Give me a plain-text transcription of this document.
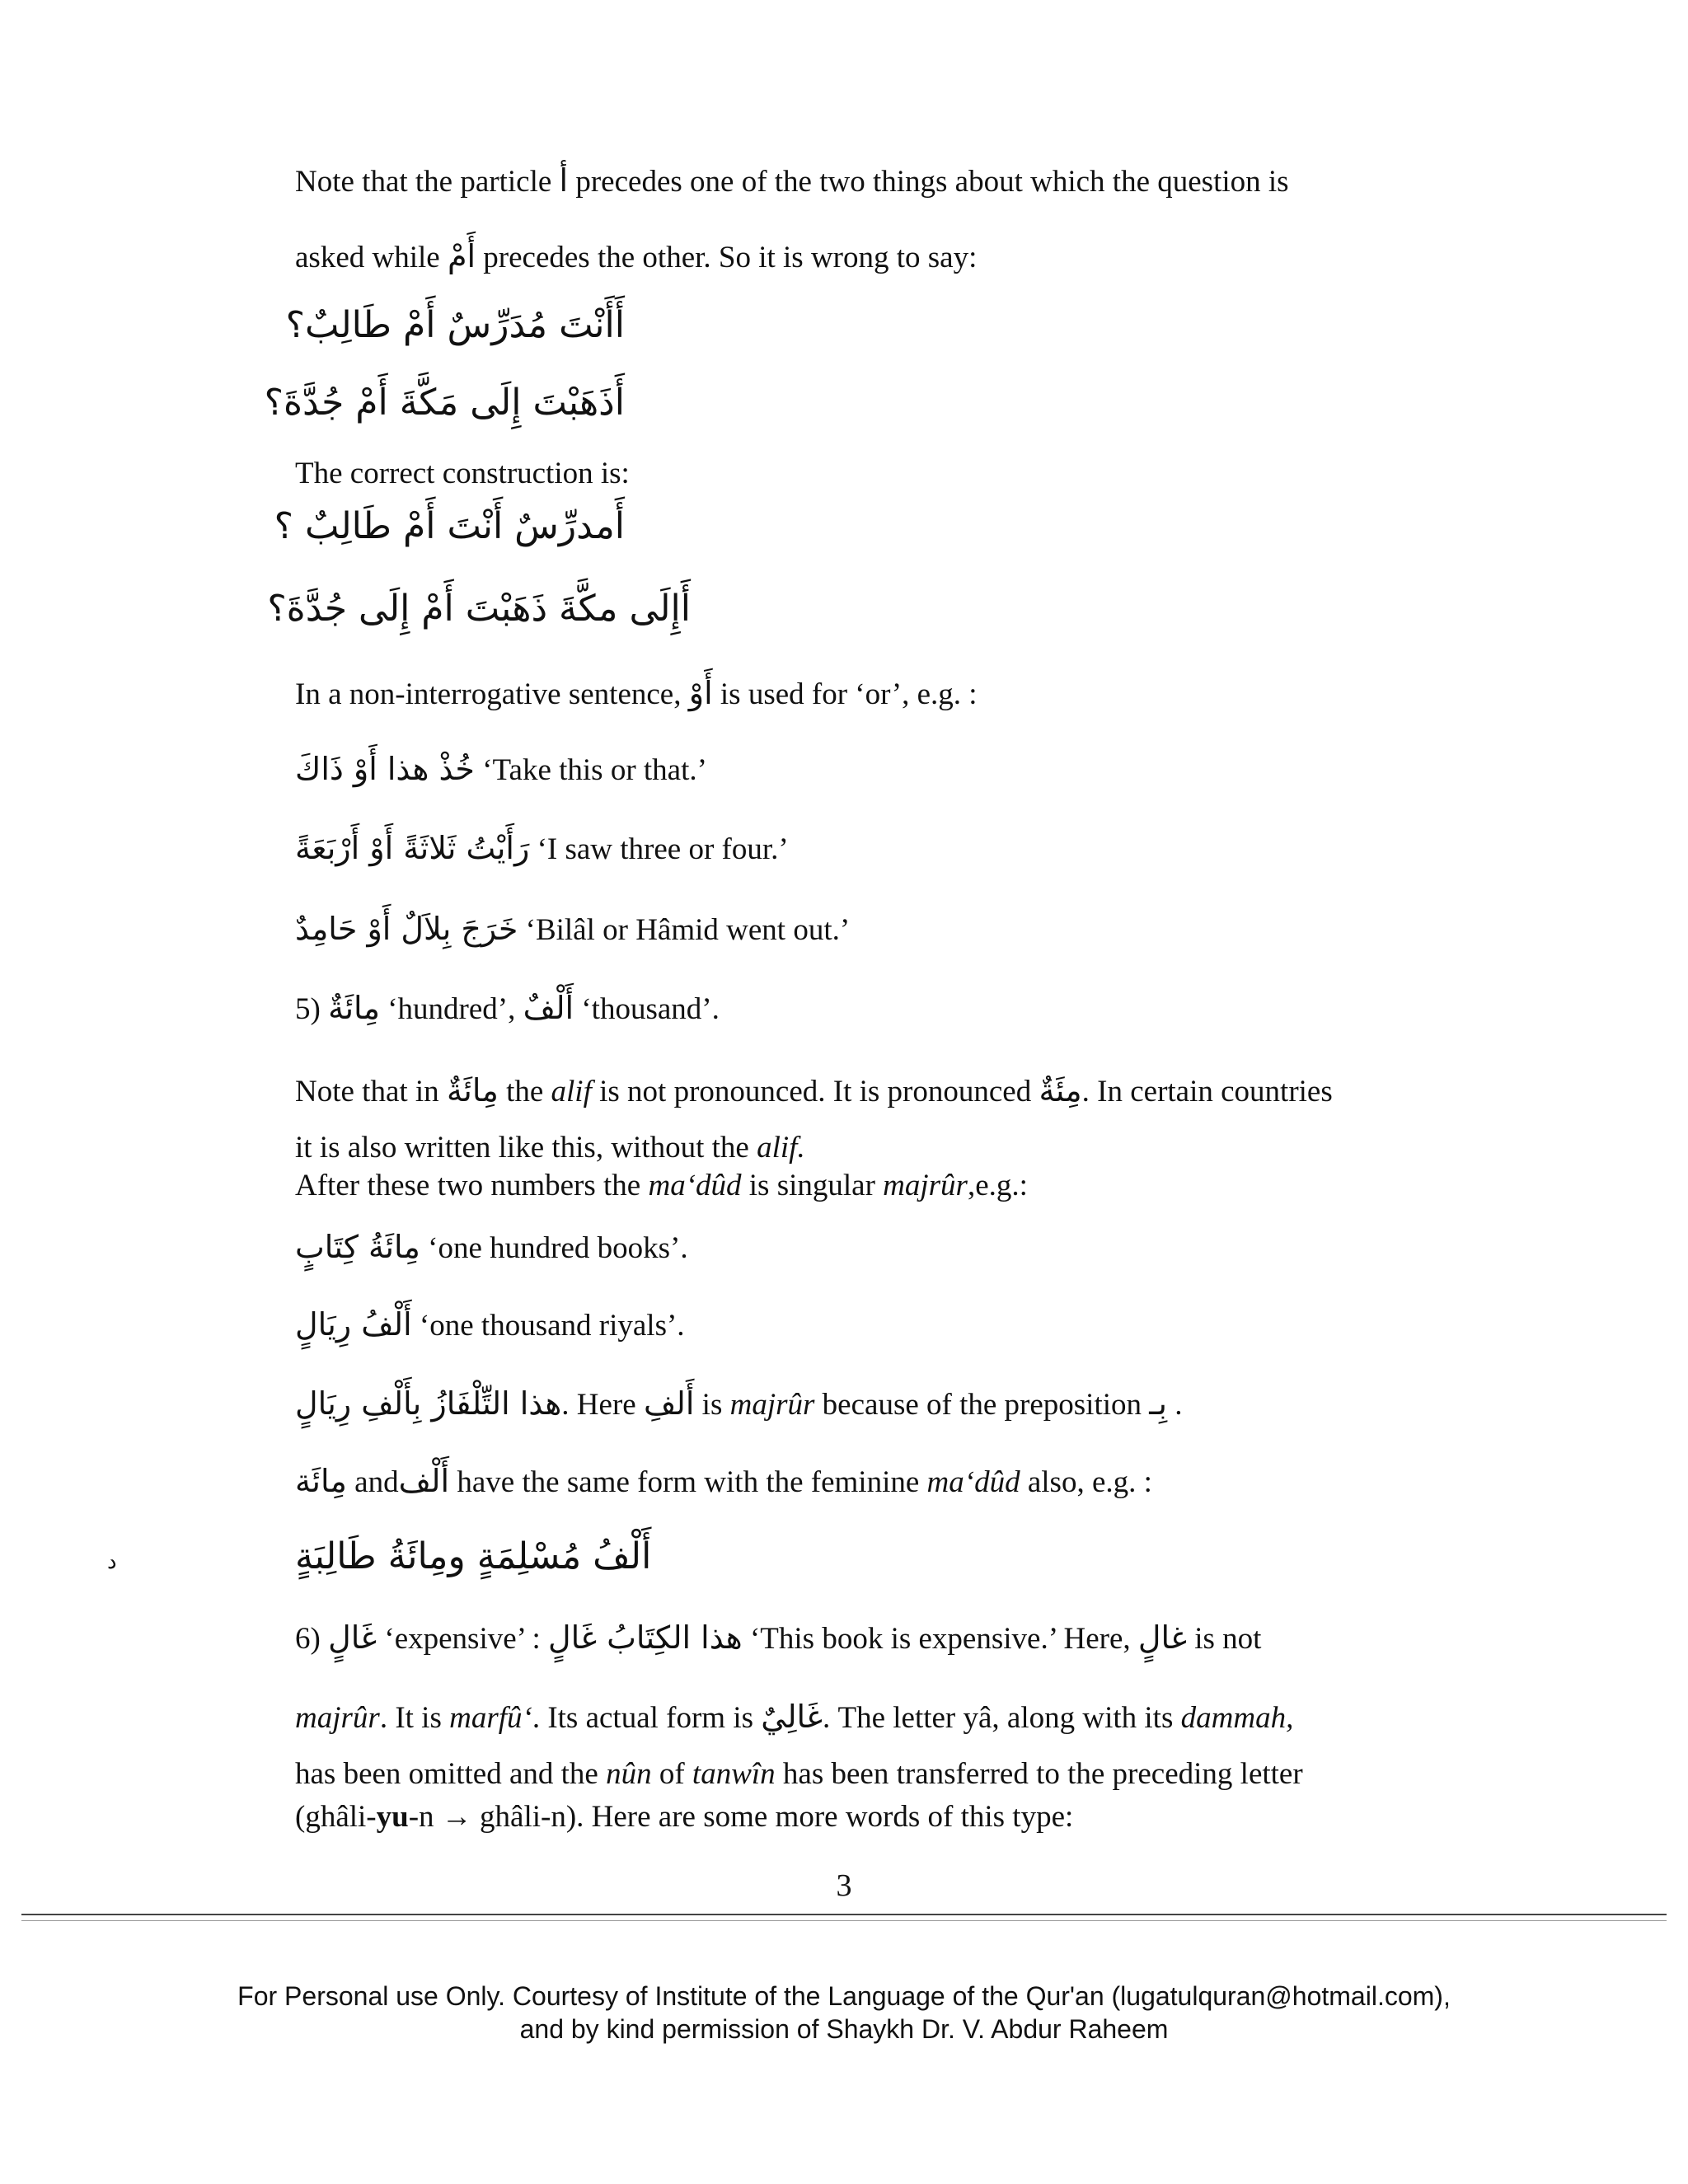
Note that the particle أ precedes one of the two things about which the question is
asked while أَمْ precedes the other. So it is wrong to say:
أَأَنْتَ مُدَرِّسٌ أَمْ طَالِبٌ؟
أَذَهَبْتَ إِلَى مَكَّةَ أَمْ جُدَّةَ؟
The correct construction is:
أَمدرِّسٌ أَنْتَ أَمْ طَالِبٌ ؟
أَإِلَى مكَّةَ ذَهَبْتَ أَمْ إِلَى جُدَّةَ؟
In a non-interrogative sentence, أَوْ is used for ‘or’, e.g. :
خُذْ هذا أَوْ ذَاكَ ‘Take this or that.’
رَأَيْتُ ثَلاثَةً أَوْ أَرْبَعَةً ‘I saw three or four.’
خَرَجَ بِلاَلٌ أَوْ حَامِدٌ ‘Bilâl or Hâmid went out.’
5) مِائَةٌ ‘hundred’, أَلْفٌ ‘thousand’.
Note that in مِائَةٌ the alif is not pronounced. It is pronounced مِئَةٌ. In certain countries
it is also written like this, without the alif.
After these two numbers the ma‘dûd is singular majrûr,e.g.:
مِائَةُ كِتَابٍ ‘one hundred books’.
أَلْفُ رِيَالٍ ‘one thousand riyals’.
هذا التِّلْفَازُ بِأَلْفِ رِيَالٍ. Here أَلفِ is majrûr because of the preposition بِـ .
مِائَة andأَلْف have the same form with the feminine ma‘dûd also, e.g. :
أَلْفُ مُسْلِمَةٍ ومِائَةُ طَالِبَةٍ
6) غَالٍ ‘expensive’ : هذا الكِتَابُ غَالٍ ‘This book is expensive.’ Here, غالٍ is not
majrûr. It is marfû‘. Its actual form is غَالِيٌ. The letter yâ, along with its dammah,
has been omitted and the nûn of tanwîn has been transferred to the preceding letter
(ghâli-yu-n → ghâli-n). Here are some more words of this type:
د
3
For Personal use Only. Courtesy of Institute of the Language of the Qur'an (lugatulquran@hotmail.com),
and by kind permission of Shaykh Dr. V. Abdur Raheem
